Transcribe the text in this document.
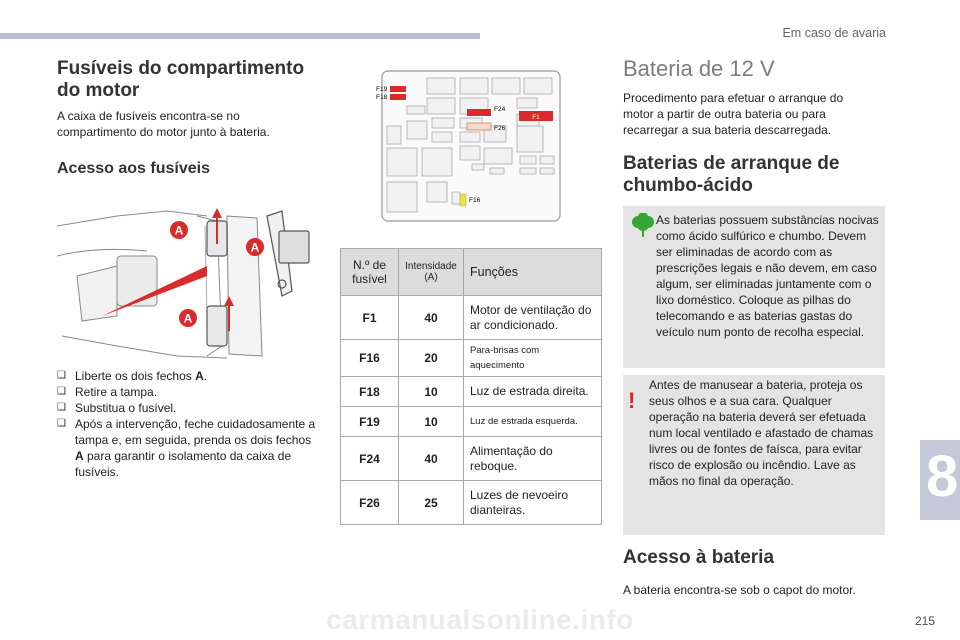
Em caso de avaria
Fusíveis do compartimento do motor

A caixa de fusíveis encontra-se no compartimento do motor junto à bateria.

Acesso aos fusíveis
A
A
A
❑ Liberte os dois fechos A.
❑ Retire a tampa.
❑ Substitua o fusível.
❑ Após a intervenção, feche cuidadosamente a tampa e, em seguida, prenda os dois fechos A para garantir o isolamento da caixa de fusíveis.
F19
F18
F24
F26
F1
F16
N.º de fusível	Intensidade (A)	Funções
F1	40	Motor de ventilação do ar condicionado.
F16	20	Para-brisas com aquecimento
F18	10	Luz de estrada direita.
F19	10	Luz de estrada esquerda.
F24	40	Alimentação do reboque.
F26	25	Luzes de nevoeiro dianteiras.
Bateria de 12 V

Procedimento para efetuar o arranque do motor a partir de outra bateria ou para recarregar a sua bateria descarregada.

Baterias de arranque de chumbo-ácido

As baterias possuem substâncias nocivas como ácido sulfúrico e chumbo. Devem ser eliminadas de acordo com as prescrições legais e não devem, em caso algum, ser eliminadas juntamente com o lixo doméstico. Coloque as pilhas do telecomando e as baterias gastas do veículo num ponto de recolha especial.

Antes de manusear a bateria, proteja os seus olhos e a sua cara. Qualquer operação na bateria deverá ser efetuada num local ventilado e afastado de chamas livres ou de fontes de faísca, para evitar risco de explosão ou incêndio. Lave as mãos no final da operação.

!
Acesso à bateria

A bateria encontra-se sob o capot do motor.

8
carmanualsonline.info	215
